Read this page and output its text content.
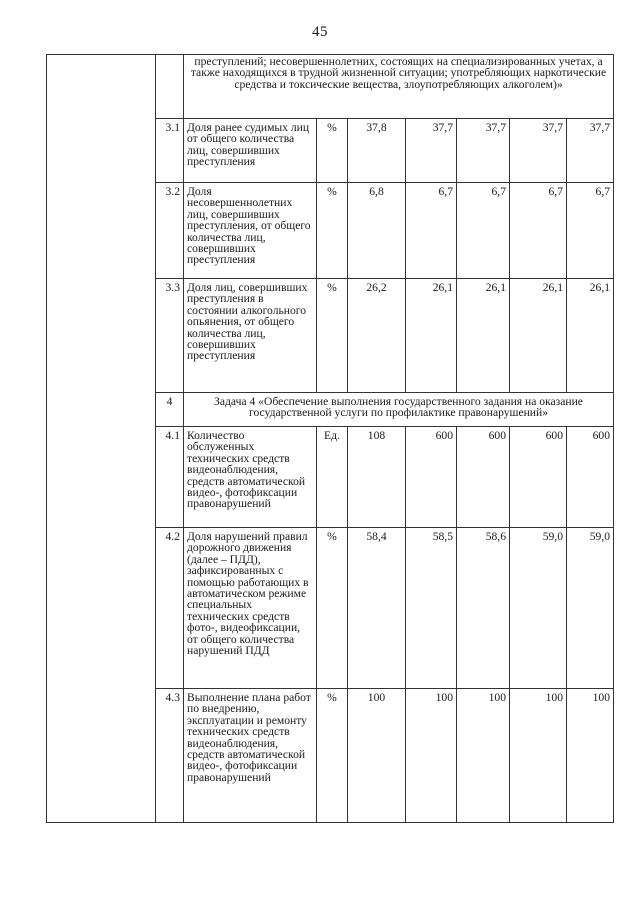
45
		преступлений; несовершеннолетних, состоящих на специализированных учетах, а также находящихся в трудной жизненной ситуации; употребляющих наркотические средства и токсические вещества, злоупотребляющих алкоголем)»						
	3.1	Доля ранее судимых лиц от общего количества лиц, совершивших преступления	%	37,8	37,7	37,7	37,7	37,7
	3.2	Доля несовершеннолетних лиц, совершивших преступления, от общего количества лиц, совершивших преступления	%	6,8	6,7	6,7	6,7	6,7
	3.3	Доля лиц, совершивших преступления в состоянии алкогольного опьянения, от общего количества лиц, совершивших преступления	%	26,2	26,1	26,1	26,1	26,1
	4	Задача 4 «Обеспечение выполнения государственного задания на оказание государственной услуги по профилактике правонарушений»						
	4.1	Количество обслуженных технических средств видеонаблюдения, средств автоматической видео-, фотофиксации правонарушений	Ед.	108	600	600	600	600
	4.2	Доля нарушений правил дорожного движения (далее – ПДД), зафиксированных с помощью работающих в автоматическом режиме специальных технических средств фото-, видеофиксации, от общего количества нарушений ПДД	%	58,4	58,5	58,6	59,0	59,0
	4.3	Выполнение плана работ по внедрению, эксплуатации и ремонту технических средств видеонаблюдения, средств автоматической видео-, фотофиксации правонарушений	%	100	100	100	100	100
